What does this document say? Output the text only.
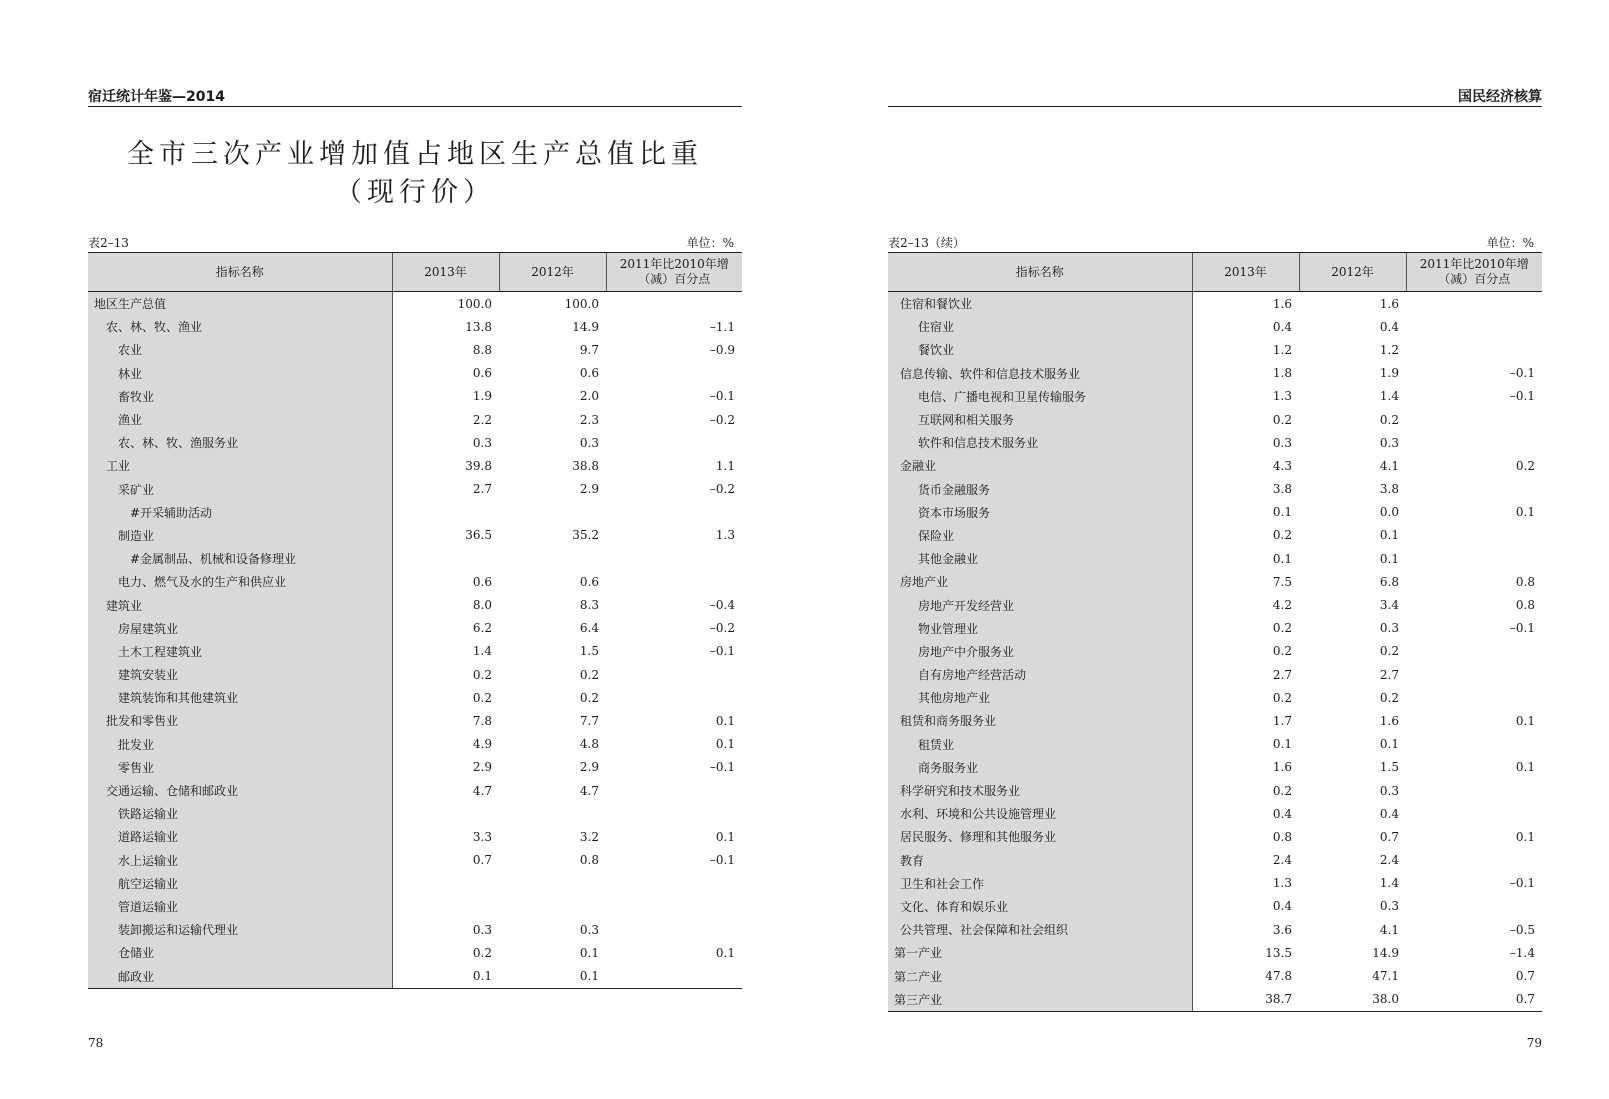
宿迁统计年鉴—2014
全市三次产业增加值占地区生产总值比重
（现行价）
表2–13	单位：%
指标名称	2013年	2012年	2011年比2010年增（减）百分点
地区生产总值	100.0	100.0	
农、林、牧、渔业	13.8	14.9	–1.1
农业	8.8	9.7	–0.9
林业	0.6	0.6	
畜牧业	1.9	2.0	–0.1
渔业	2.2	2.3	–0.2
农、林、牧、渔服务业	0.3	0.3	
工业	39.8	38.8	1.1
采矿业	2.7	2.9	–0.2
#开采辅助活动			
制造业	36.5	35.2	1.3
#金属制品、机械和设备修理业			
电力、燃气及水的生产和供应业	0.6	0.6	
建筑业	8.0	8.3	–0.4
房屋建筑业	6.2	6.4	–0.2
土木工程建筑业	1.4	1.5	–0.1
建筑安装业	0.2	0.2	
建筑装饰和其他建筑业	0.2	0.2	
批发和零售业	7.8	7.7	0.1
批发业	4.9	4.8	0.1
零售业	2.9	2.9	–0.1
交通运输、仓储和邮政业	4.7	4.7	
铁路运输业			
道路运输业	3.3	3.2	0.1
水上运输业	0.7	0.8	–0.1
航空运输业			
管道运输业			
装卸搬运和运输代理业	0.3	0.3	
仓储业	0.2	0.1	0.1
邮政业	0.1	0.1	
78
国民经济核算
表2–13（续）	单位：%
指标名称	2013年	2012年	2011年比2010年增（减）百分点
住宿和餐饮业	1.6	1.6	
住宿业	0.4	0.4	
餐饮业	1.2	1.2	
信息传输、软件和信息技术服务业	1.8	1.9	–0.1
电信、广播电视和卫星传输服务	1.3	1.4	–0.1
互联网和相关服务	0.2	0.2	
软件和信息技术服务业	0.3	0.3	
金融业	4.3	4.1	0.2
货币金融服务	3.8	3.8	
资本市场服务	0.1	0.0	0.1
保险业	0.2	0.1	
其他金融业	0.1	0.1	
房地产业	7.5	6.8	0.8
房地产开发经营业	4.2	3.4	0.8
物业管理业	0.2	0.3	–0.1
房地产中介服务业	0.2	0.2	
自有房地产经营活动	2.7	2.7	
其他房地产业	0.2	0.2	
租赁和商务服务业	1.7	1.6	0.1
租赁业	0.1	0.1	
商务服务业	1.6	1.5	0.1
科学研究和技术服务业	0.2	0.3	
水利、环境和公共设施管理业	0.4	0.4	
居民服务、修理和其他服务业	0.8	0.7	0.1
教育	2.4	2.4	
卫生和社会工作	1.3	1.4	–0.1
文化、体育和娱乐业	0.4	0.3	
公共管理、社会保障和社会组织	3.6	4.1	–0.5
第一产业	13.5	14.9	–1.4
第二产业	47.8	47.1	0.7
第三产业	38.7	38.0	0.7
79
